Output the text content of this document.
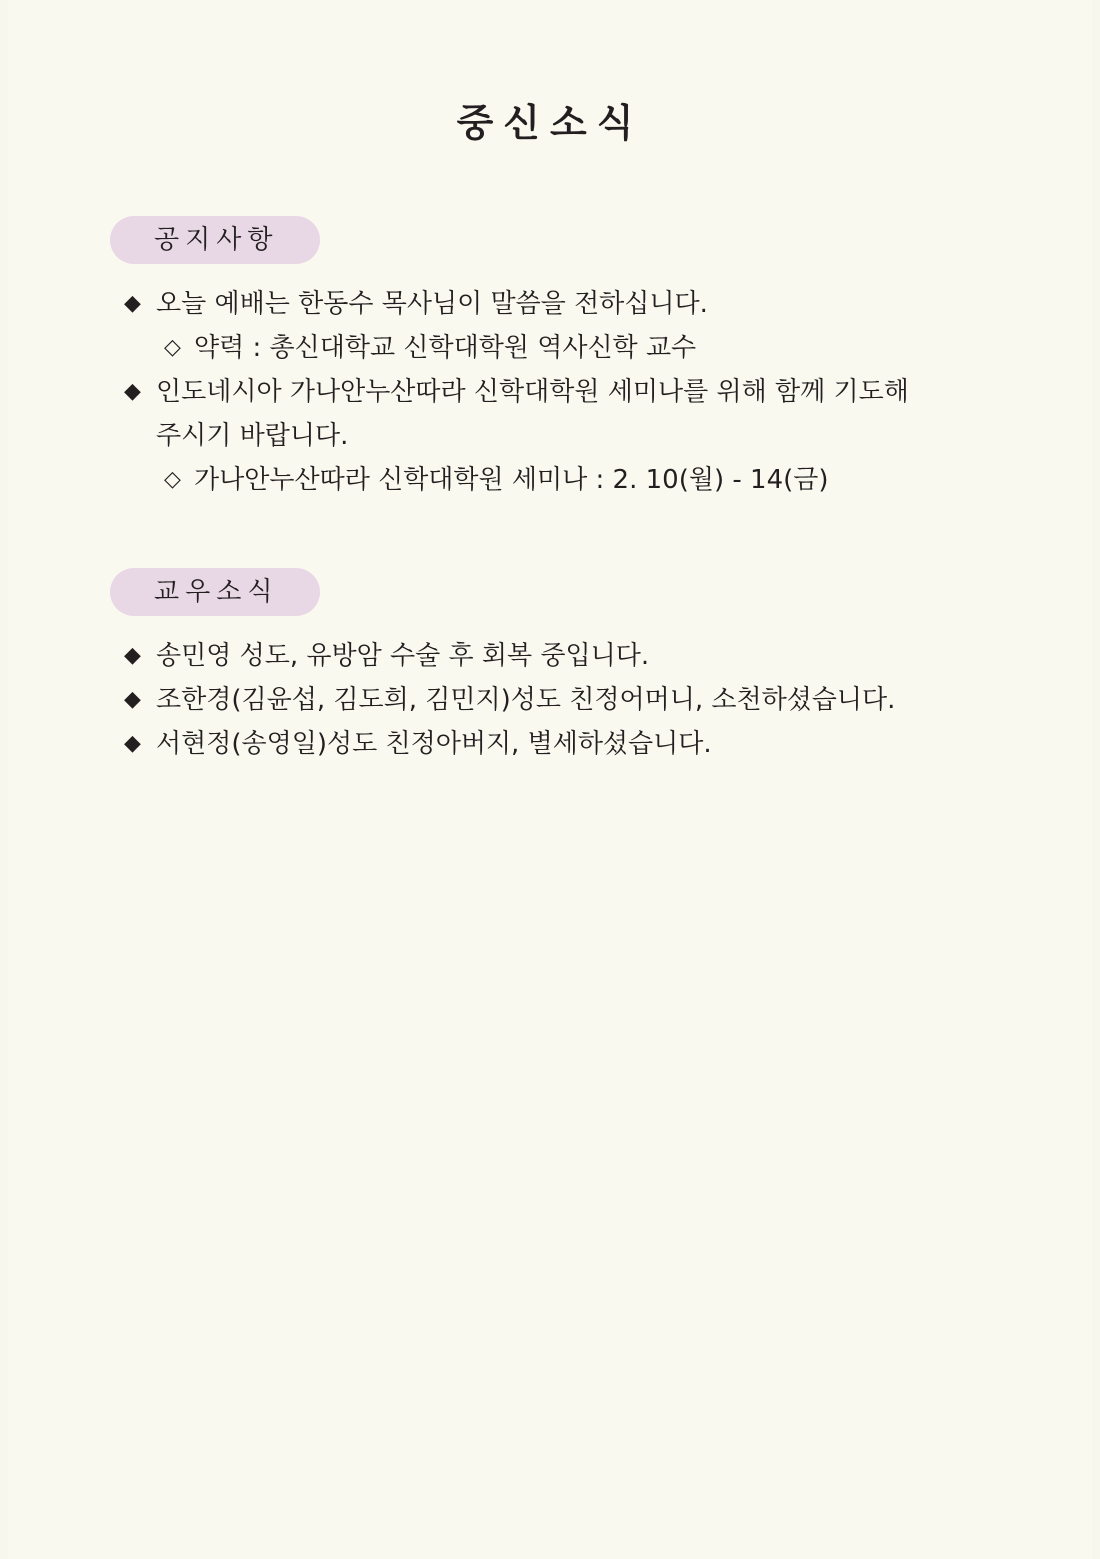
중신소식
공지사항
◆ 오늘 예배는 한동수 목사님이 말씀을 전하십니다.
◇ 약력 : 총신대학교 신학대학원 역사신학 교수
◆ 인도네시아 가나안누산따라 신학대학원 세미나를 위해 함께 기도해 주시기 바랍니다.
◇ 가나안누산따라 신학대학원 세미나 : 2. 10(월) - 14(금)
교우소식
◆ 송민영 성도, 유방암 수술 후 회복 중입니다.
◆ 조한경(김윤섭, 김도희, 김민지)성도 친정어머니, 소천하셨습니다.
◆ 서현정(송영일)성도 친정아버지, 별세하셨습니다.
